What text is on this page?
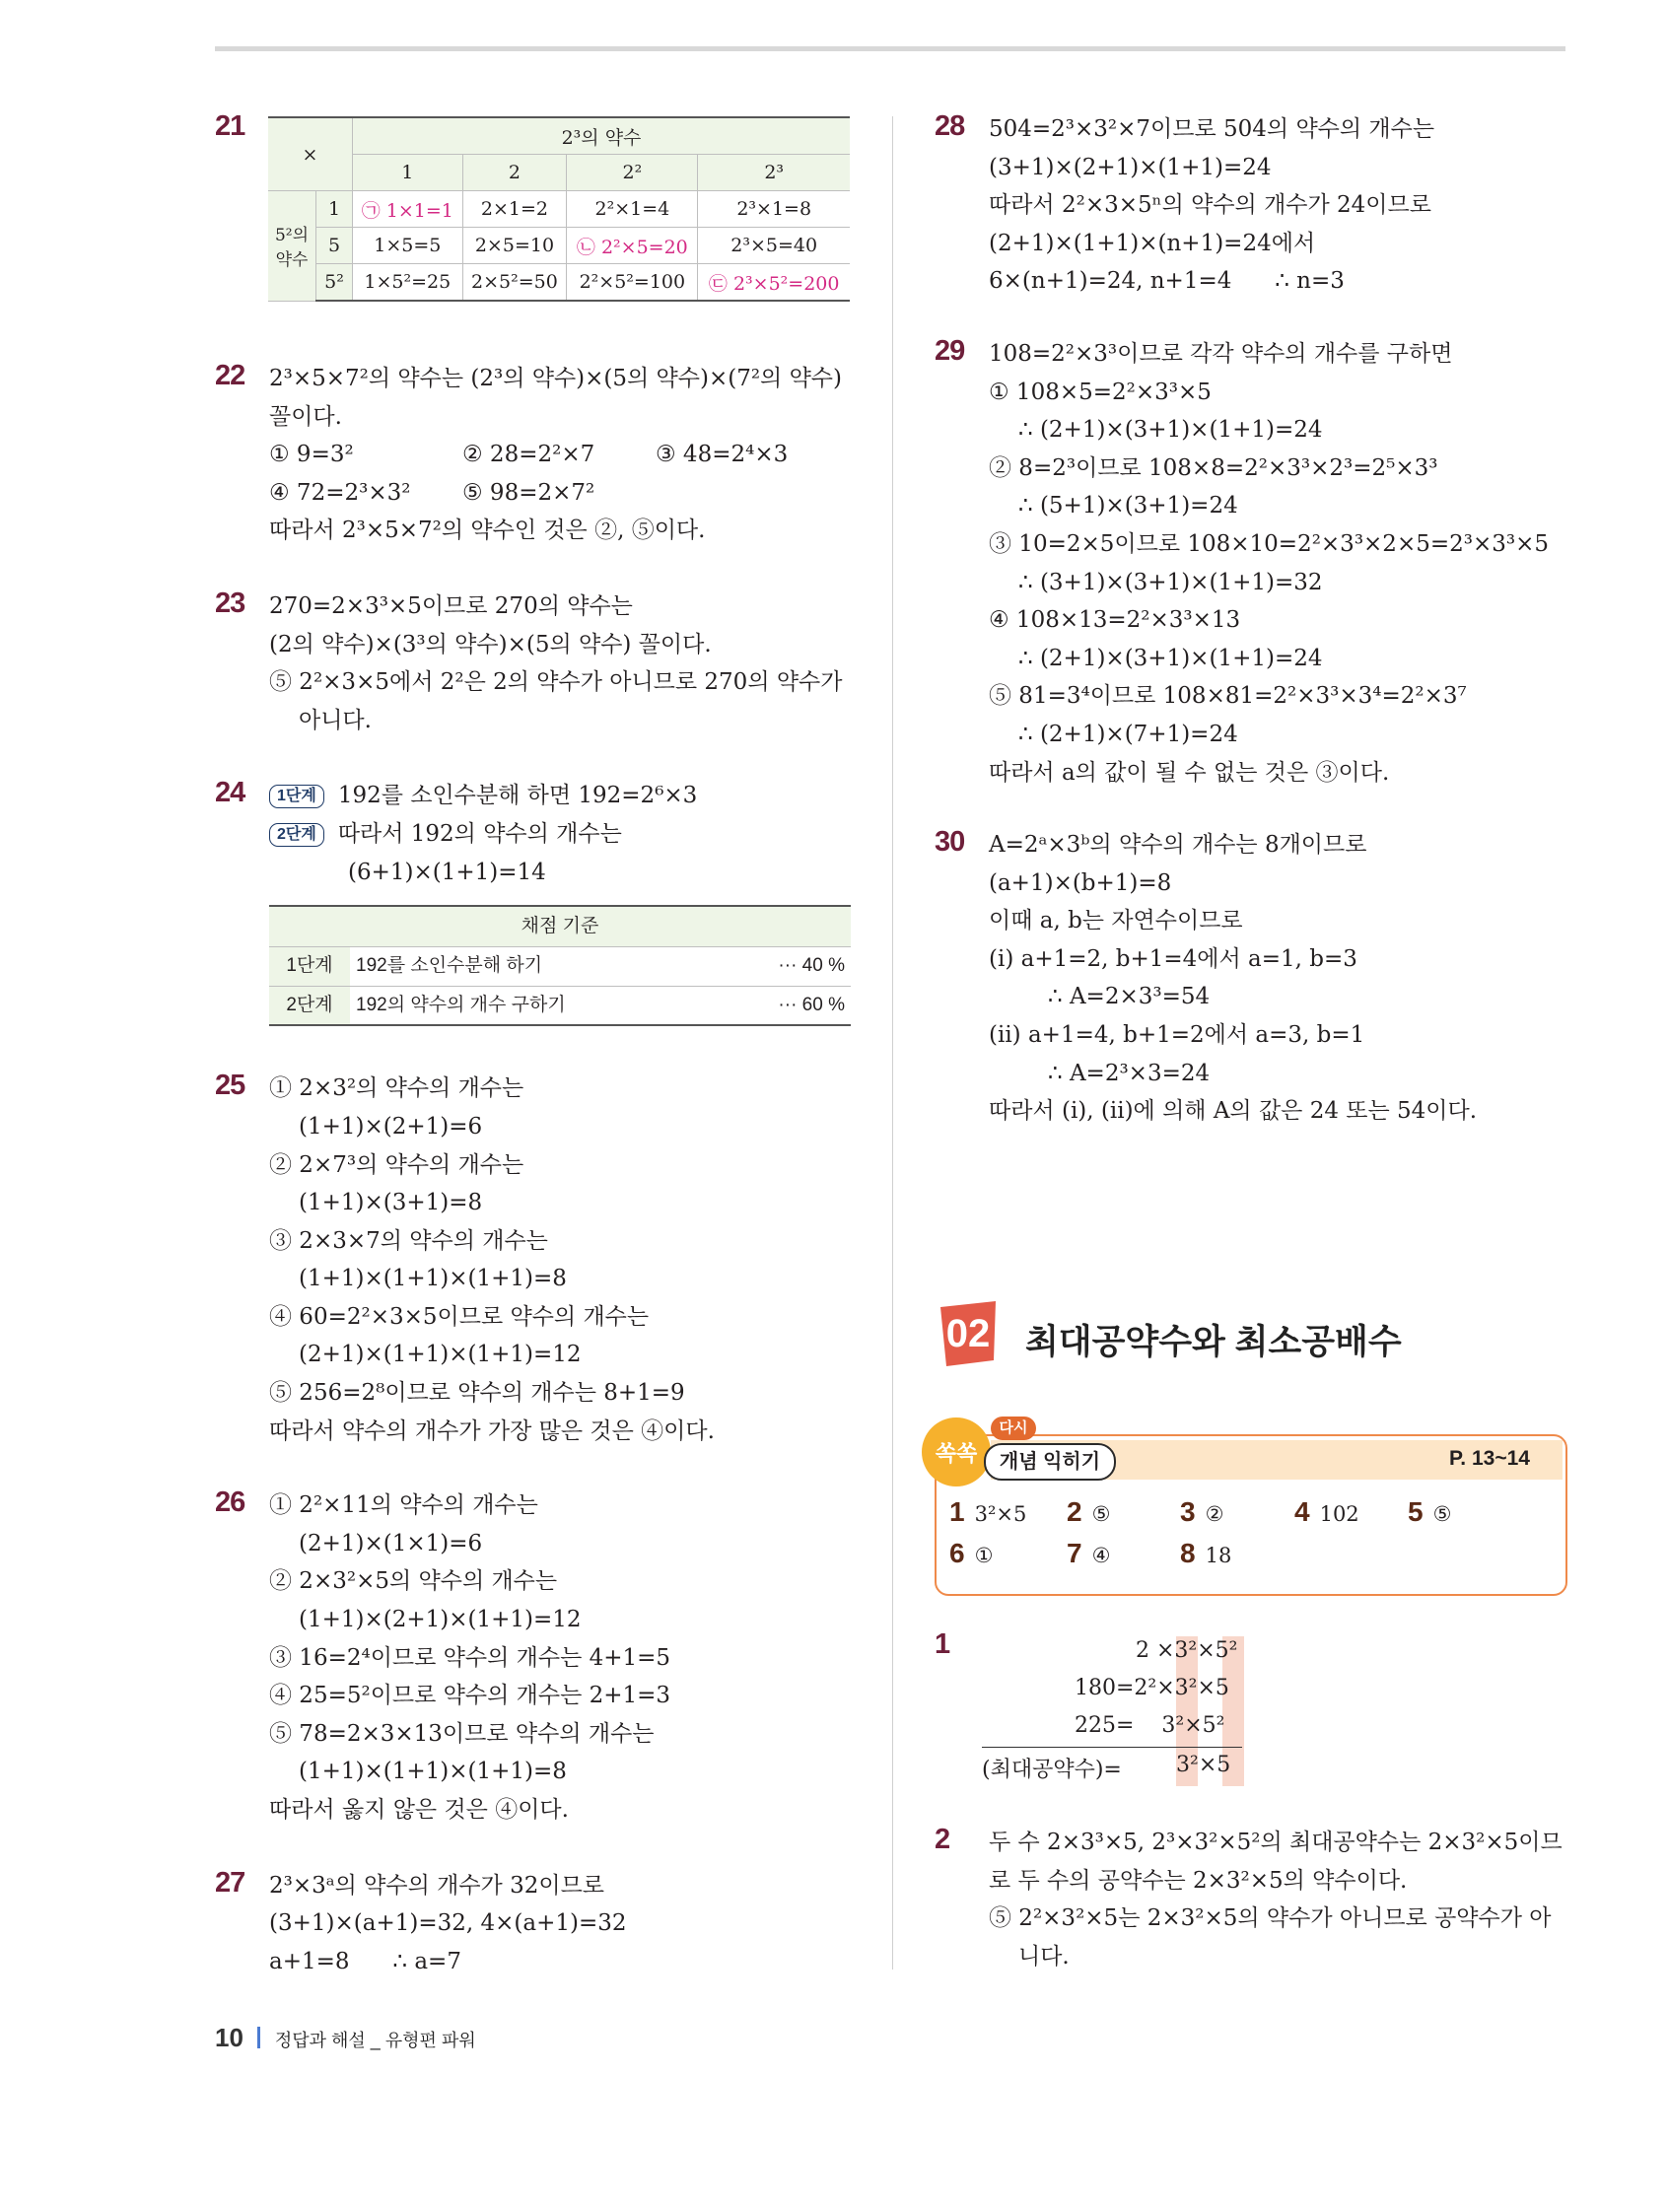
21
×		2³의 약수			
		1	2	2²	2³
5²의 약수	1	㉠ 1×1=1	2×1=2	2²×1=4	2³×1=8
	5	1×5=5	2×5=10	㉡ 2²×5=20	2³×5=40
	5²	1×5²=25	2×5²=50	2²×5²=100	㉢ 2³×5²=200
22 2³×5×7²의 약수는 (2³의 약수)×(5의 약수)×(7²의 약수)
꼴이다.
① 9=3²	② 28=2²×7	③ 48=2⁴×3
④ 72=2³×3²	⑤ 98=2×7²
따라서 2³×5×7²의 약수인 것은 ②, ⑤이다.
23 270=2×3³×5이므로 270의 약수는
(2의 약수)×(3³의 약수)×(5의 약수) 꼴이다.
⑤ 2²×3×5에서 2²은 2의 약수가 아니므로 270의 약수가
아니다.
24	1단계 192를 소인수분해 하면 192=2⁶×3
2단계 따라서 192의 약수의 개수는
(6+1)×(1+1)=14
채점 기준		
1단계	192를 소인수분해 하기	··· 40 %
2단계	192의 약수의 개수 구하기	··· 60 %
25 ① 2×3²의 약수의 개수는
(1+1)×(2+1)=6
② 2×7³의 약수의 개수는
(1+1)×(3+1)=8
③ 2×3×7의 약수의 개수는
(1+1)×(1+1)×(1+1)=8
④ 60=2²×3×5이므로 약수의 개수는
(2+1)×(1+1)×(1+1)=12
⑤ 256=2⁸이므로 약수의 개수는 8+1=9
따라서 약수의 개수가 가장 많은 것은 ④이다.
26 ① 2²×11의 약수의 개수는
(2+1)×(1×1)=6
② 2×3²×5의 약수의 개수는
(1+1)×(2+1)×(1+1)=12
③ 16=2⁴이므로 약수의 개수는 4+1=5
④ 25=5²이므로 약수의 개수는 2+1=3
⑤ 78=2×3×13이므로 약수의 개수는
(1+1)×(1+1)×(1+1)=8
따라서 옳지 않은 것은 ④이다.
27 2³×3ᵃ의 약수의 개수가 32이므로
(3+1)×(a+1)=32, 4×(a+1)=32
a+1=8      ∴ a=7
28 504=2³×3²×7이므로 504의 약수의 개수는
(3+1)×(2+1)×(1+1)=24
따라서 2²×3×5ⁿ의 약수의 개수가 24이므로
(2+1)×(1+1)×(n+1)=24에서
6×(n+1)=24, n+1=4      ∴ n=3
29 108=2²×3³이므로 각각 약수의 개수를 구하면
① 108×5=2²×3³×5
∴ (2+1)×(3+1)×(1+1)=24
② 8=2³이므로 108×8=2²×3³×2³=2⁵×3³
∴ (5+1)×(3+1)=24
③ 10=2×5이므로 108×10=2²×3³×2×5=2³×3³×5
∴ (3+1)×(3+1)×(1+1)=32
④ 108×13=2²×3³×13
∴ (2+1)×(3+1)×(1+1)=24
⑤ 81=3⁴이므로 108×81=2²×3³×3⁴=2²×3⁷
∴ (2+1)×(7+1)=24
따라서 a의 값이 될 수 없는 것은 ③이다.
30 A=2ᵃ×3ᵇ의 약수의 개수는 8개이므로
(a+1)×(b+1)=8
이때 a, b는 자연수이므로
(i) a+1=2, b+1=4에서 a=1, b=3
∴ A=2×3³=54
(ii) a+1=4, b+1=2에서 a=3, b=1
∴ A=2³×3=24
따라서 (i), (ii)에 의해 A의 값은 24 또는 54이다.
02 최대공약수와 최소공배수
쏙쏙
다시
개념 익히기	P. 13~14
1 3²×5 2 ⑤	3 ②	4 102 5 ⑤
6 ①	7 ④	8 18
1	2 ×3²×5²
180=2²×3²×5
225=    3²×5²
(최대공약수)=	3²×5
2 두 수 2×3³×5, 2³×3²×5²의 최대공약수는 2×3²×5이므
로 두 수의 공약수는 2×3²×5의 약수이다.
⑤ 2²×3²×5는 2×3²×5의 약수가 아니므로 공약수가 아
니다.
10 정답과 해설 _ 유형편 파워
